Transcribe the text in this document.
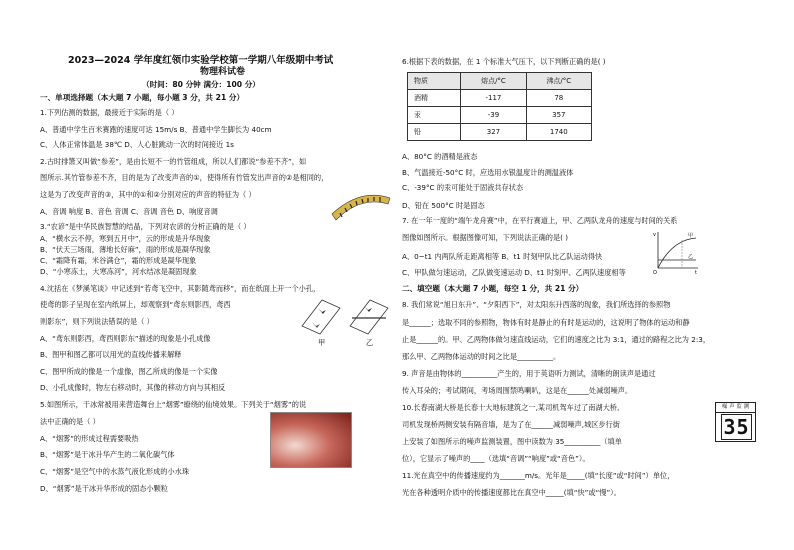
2023—2024 学年度红领巾实验学校第一学期八年级期中考试
物理科试卷
（时间：80 分钟 满分：100 分）
一、单项选择题（本大题 7 小题，每小题 3 分，共 21 分）
1.下列估测的数据，最接近于实际的是（ ）
A、普通中学生百米赛跑的速度可达 15m/s B、普通中学生脚长为 40cm
C、人体正常体温是 38℃ D、人心脏跳动一次的时间接近 1s
2.古时排箫又叫做“参差”，是由长短不一的竹管组成，所以人们都说“参差不齐”，如
图所示.其竹管参差不齐，目的是为了改变声音的①，使得所有竹管发出声音的②是相同的，
这是为了改变声音的③，其中的①和②分别对应的声音的特征为（ ）
A、音调 响度 B、音色 音调 C、音调 音色 D、响度音调
3.“农谚”是中华民族智慧的结晶，下列对农谚的分析正确的是（ ）
A、“横水云不停，寒到五月中”，云的形成是升华现象
B、“伏天三场雨，薄地长好麻”，雨的形成是凝华现象
C、“霜降有霜，米谷满仓”，霜的形成是凝华现象
D、“小寒冻土，大寒冻河”，河水结冰是凝固现象
4.沈括在《梦溪笔谈》中记述到“若鸢飞空中，其影随鸢而移”，而在纸面上开一个小孔，
使鸢的影子呈现在室内纸屏上，却观察到“鸢东则影西，鸢西
则影东”，则下列说法错误的是（ ）
A、“鸢东则影西，鸢西则影东”描述的现象是小孔成像
B、图甲和图乙都可以用光的直线传播来解释
C、图甲所成的像是一个虚像，图乙所成的像是一个实像
D、小孔成像时，物左右移动时，其像的移动方向与其相反
5.如图所示，干冰常被用来营造舞台上“烟雾”缭绕的仙境效果。下列关于“烟雾”的说
法中正确的是（ ）
A、“烟雾”的形成过程需要吸热
B、“烟雾”是干冰升华产生的二氧化碳气体
C、“烟雾”是空气中的水蒸气液化形成的小水珠
D、“烟雾”是干冰升华形成的固态小颗粒
甲	乙
6.根据下表的数据，在 1 个标准大气压下，以下判断正确的是( )
物质	熔点/°C	沸点/°C
酒精	-117	78
汞	-39	357
铅	327	1740
A、80°C 的酒精是液态
B、气温接近-50°C 时，应选用水银温度计的测温液体
C、-39°C 的汞可能处于固液共存状态
D、铅在 500°C 时是固态
7. 在一年一度的“端午龙舟赛”中，在平行赛道上，甲、乙两队龙舟的速度与时间的关系
图像如图所示。根据图像可知，下列说法正确的是( )
A、0~t1 内两队所走距离相等 B、t1 时刻甲队比乙队运动得快
C、甲队做匀速运动，乙队做变速运动 D、t1 时刻甲、乙两队速度相等
二、填空题（本大题 7 小题，每空 1 分，共 21 分）
8. 我们常说“旭日东升”、“夕阳西下”，对太阳东升西落的现象，我们所选择的参照物
是______；选取不同的参照物，物体有时是静止的有时是运动的，这说明了物体的运动和静
止是______的。甲、乙两物体做匀速直线运动，它们的速度之比为 3:1，通过的路程之比为 2:3，
那么甲、乙两物体运动的时间之比是__________。
9. 声音是由物体的__________产生的，用于英语听力测试，清晰的朗读声是通过
传入耳朵的；考试期间，考场周围禁鸣喇叭，这是在______处减弱噪声。
10.长春南湖大桥是长春十大地标建筑之一,某司机驾车过了南湖大桥,
司机发现桥两侧安装有隔音墙，是为了在______减弱噪声,城区步行街
上安装了如图所示的噪声监测装置，图中读数为 35__________（填单
位），它显示了噪声的____（选填“音调”“响度”或“音色”）。
11.光在真空中的传播速度约为_______m/s。光年是_____(填“长度”或“时间”）单位，
光在各种透明介质中的传播速度都比在真空中_____(填“快”或“慢”）。
v
t
O
甲
乙
噪 声 监 测
35
